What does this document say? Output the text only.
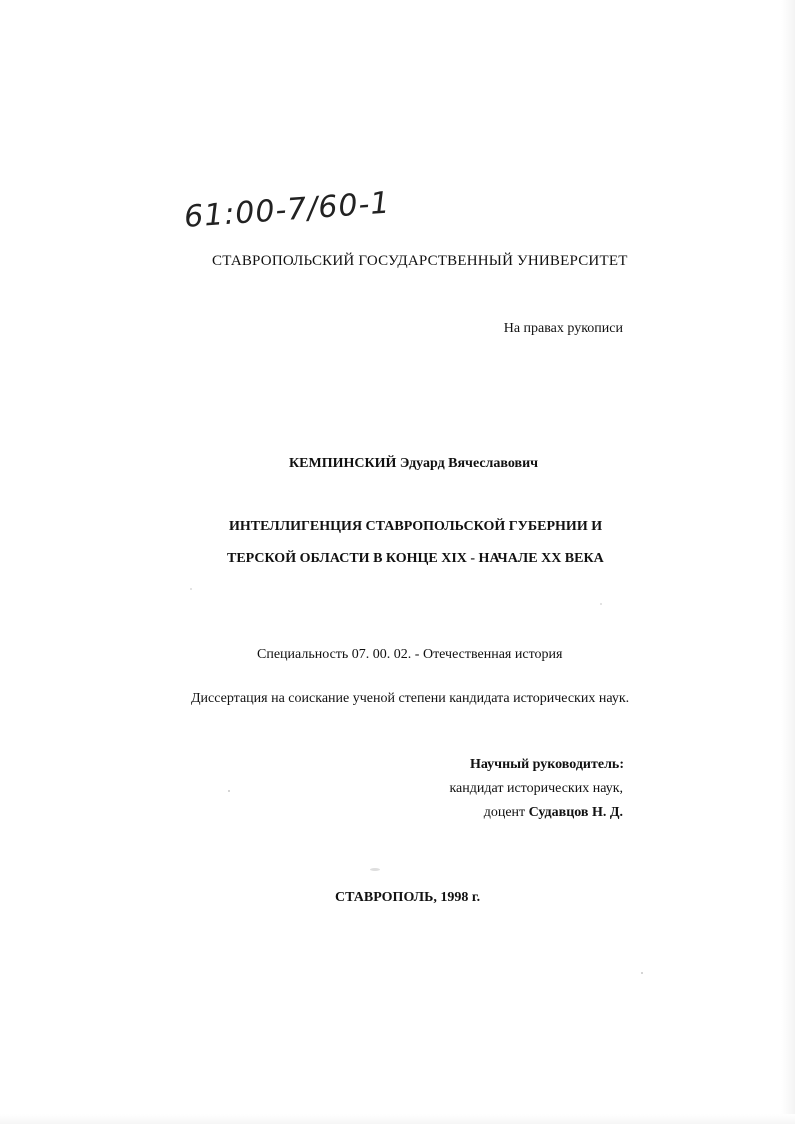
61:00-7/60-1
СТАВРОПОЛЬСКИЙ ГОСУДАРСТВЕННЫЙ УНИВЕРСИТЕТ
На правах рукописи
КЕМПИНСКИЙ Эдуард Вячеславович
ИНТЕЛЛИГЕНЦИЯ СТАВРОПОЛЬСКОЙ ГУБЕРНИИ И
ТЕРСКОЙ ОБЛАСТИ В КОНЦЕ XIX - НАЧАЛЕ XX ВЕКА
Специальность 07. 00. 02. - Отечественная история
Диссертация на соискание ученой степени кандидата исторических наук.
Научный руководитель:
кандидат исторических наук,
доцент Судавцов Н. Д.
СТАВРОПОЛЬ, 1998 г.
